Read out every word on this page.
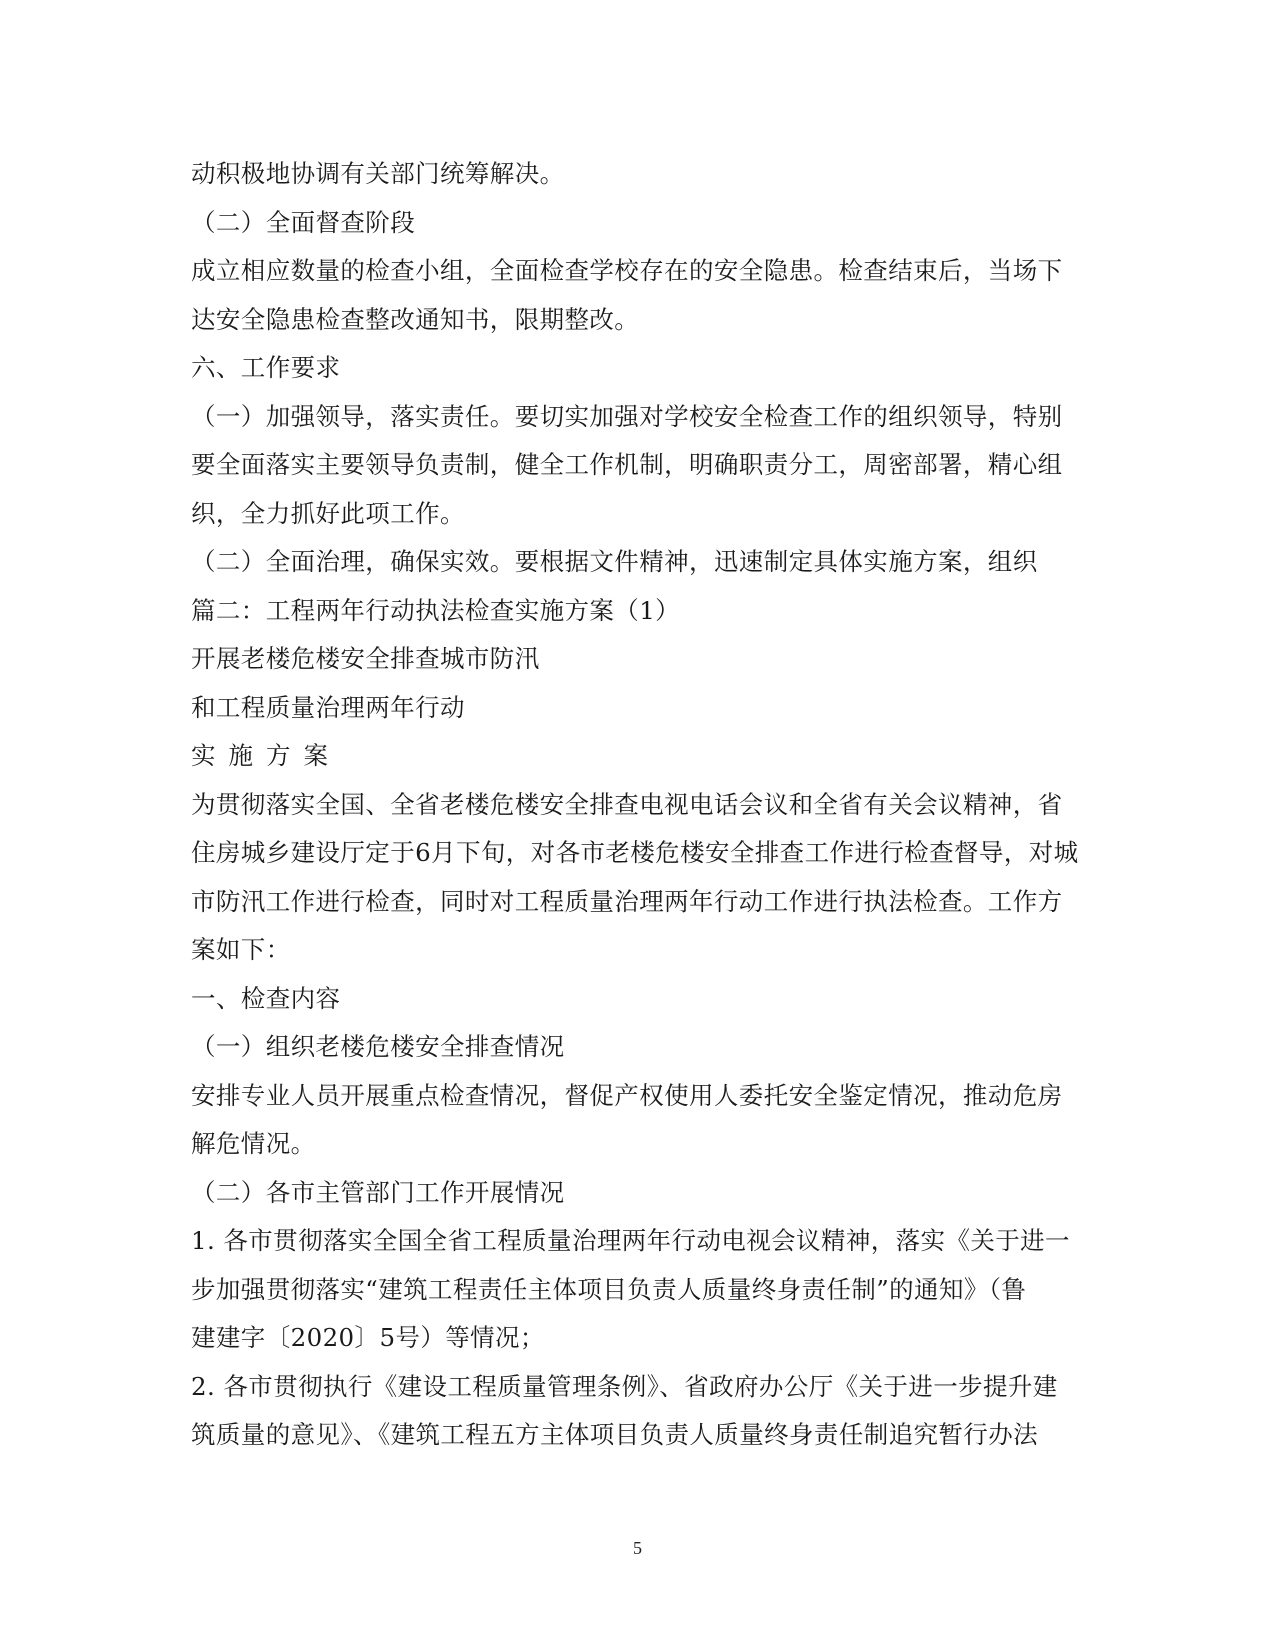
动积极地协调有关部门统筹解决。
（二）全面督查阶段
成立相应数量的检查小组，全面检查学校存在的安全隐患。检查结束后，当场下
达安全隐患检查整改通知书，限期整改。
六、工作要求
（一）加强领导，落实责任。要切实加强对学校安全检查工作的组织领导，特别
要全面落实主要领导负责制，健全工作机制，明确职责分工，周密部署，精心组
织，全力抓好此项工作。
（二）全面治理，确保实效。要根据文件精神，迅速制定具体实施方案，组织
篇二：工程两年行动执法检查实施方案（1）
开展老楼危楼安全排查城市防汛
和工程质量治理两年行动
实施方案
为贯彻落实全国、全省老楼危楼安全排查电视电话会议和全省有关会议精神，省
住房城乡建设厅定于6月下旬，对各市老楼危楼安全排查工作进行检查督导，对城
市防汛工作进行检查，同时对工程质量治理两年行动工作进行执法检查。工作方
案如下：
一、检查内容
（一）组织老楼危楼安全排查情况
安排专业人员开展重点检查情况，督促产权使用人委托安全鉴定情况，推动危房
解危情况。
（二）各市主管部门工作开展情况
1. 各市贯彻落实全国全省工程质量治理两年行动电视会议精神，落实《关于进一
步加强贯彻落实“建筑工程责任主体项目负责人质量终身责任制”的通知》（鲁
建建字〔2020〕5号）等情况；
2. 各市贯彻执行《建设工程质量管理条例》、省政府办公厅《关于进一步提升建
筑质量的意见》、《建筑工程五方主体项目负责人质量终身责任制追究暂行办法
5
